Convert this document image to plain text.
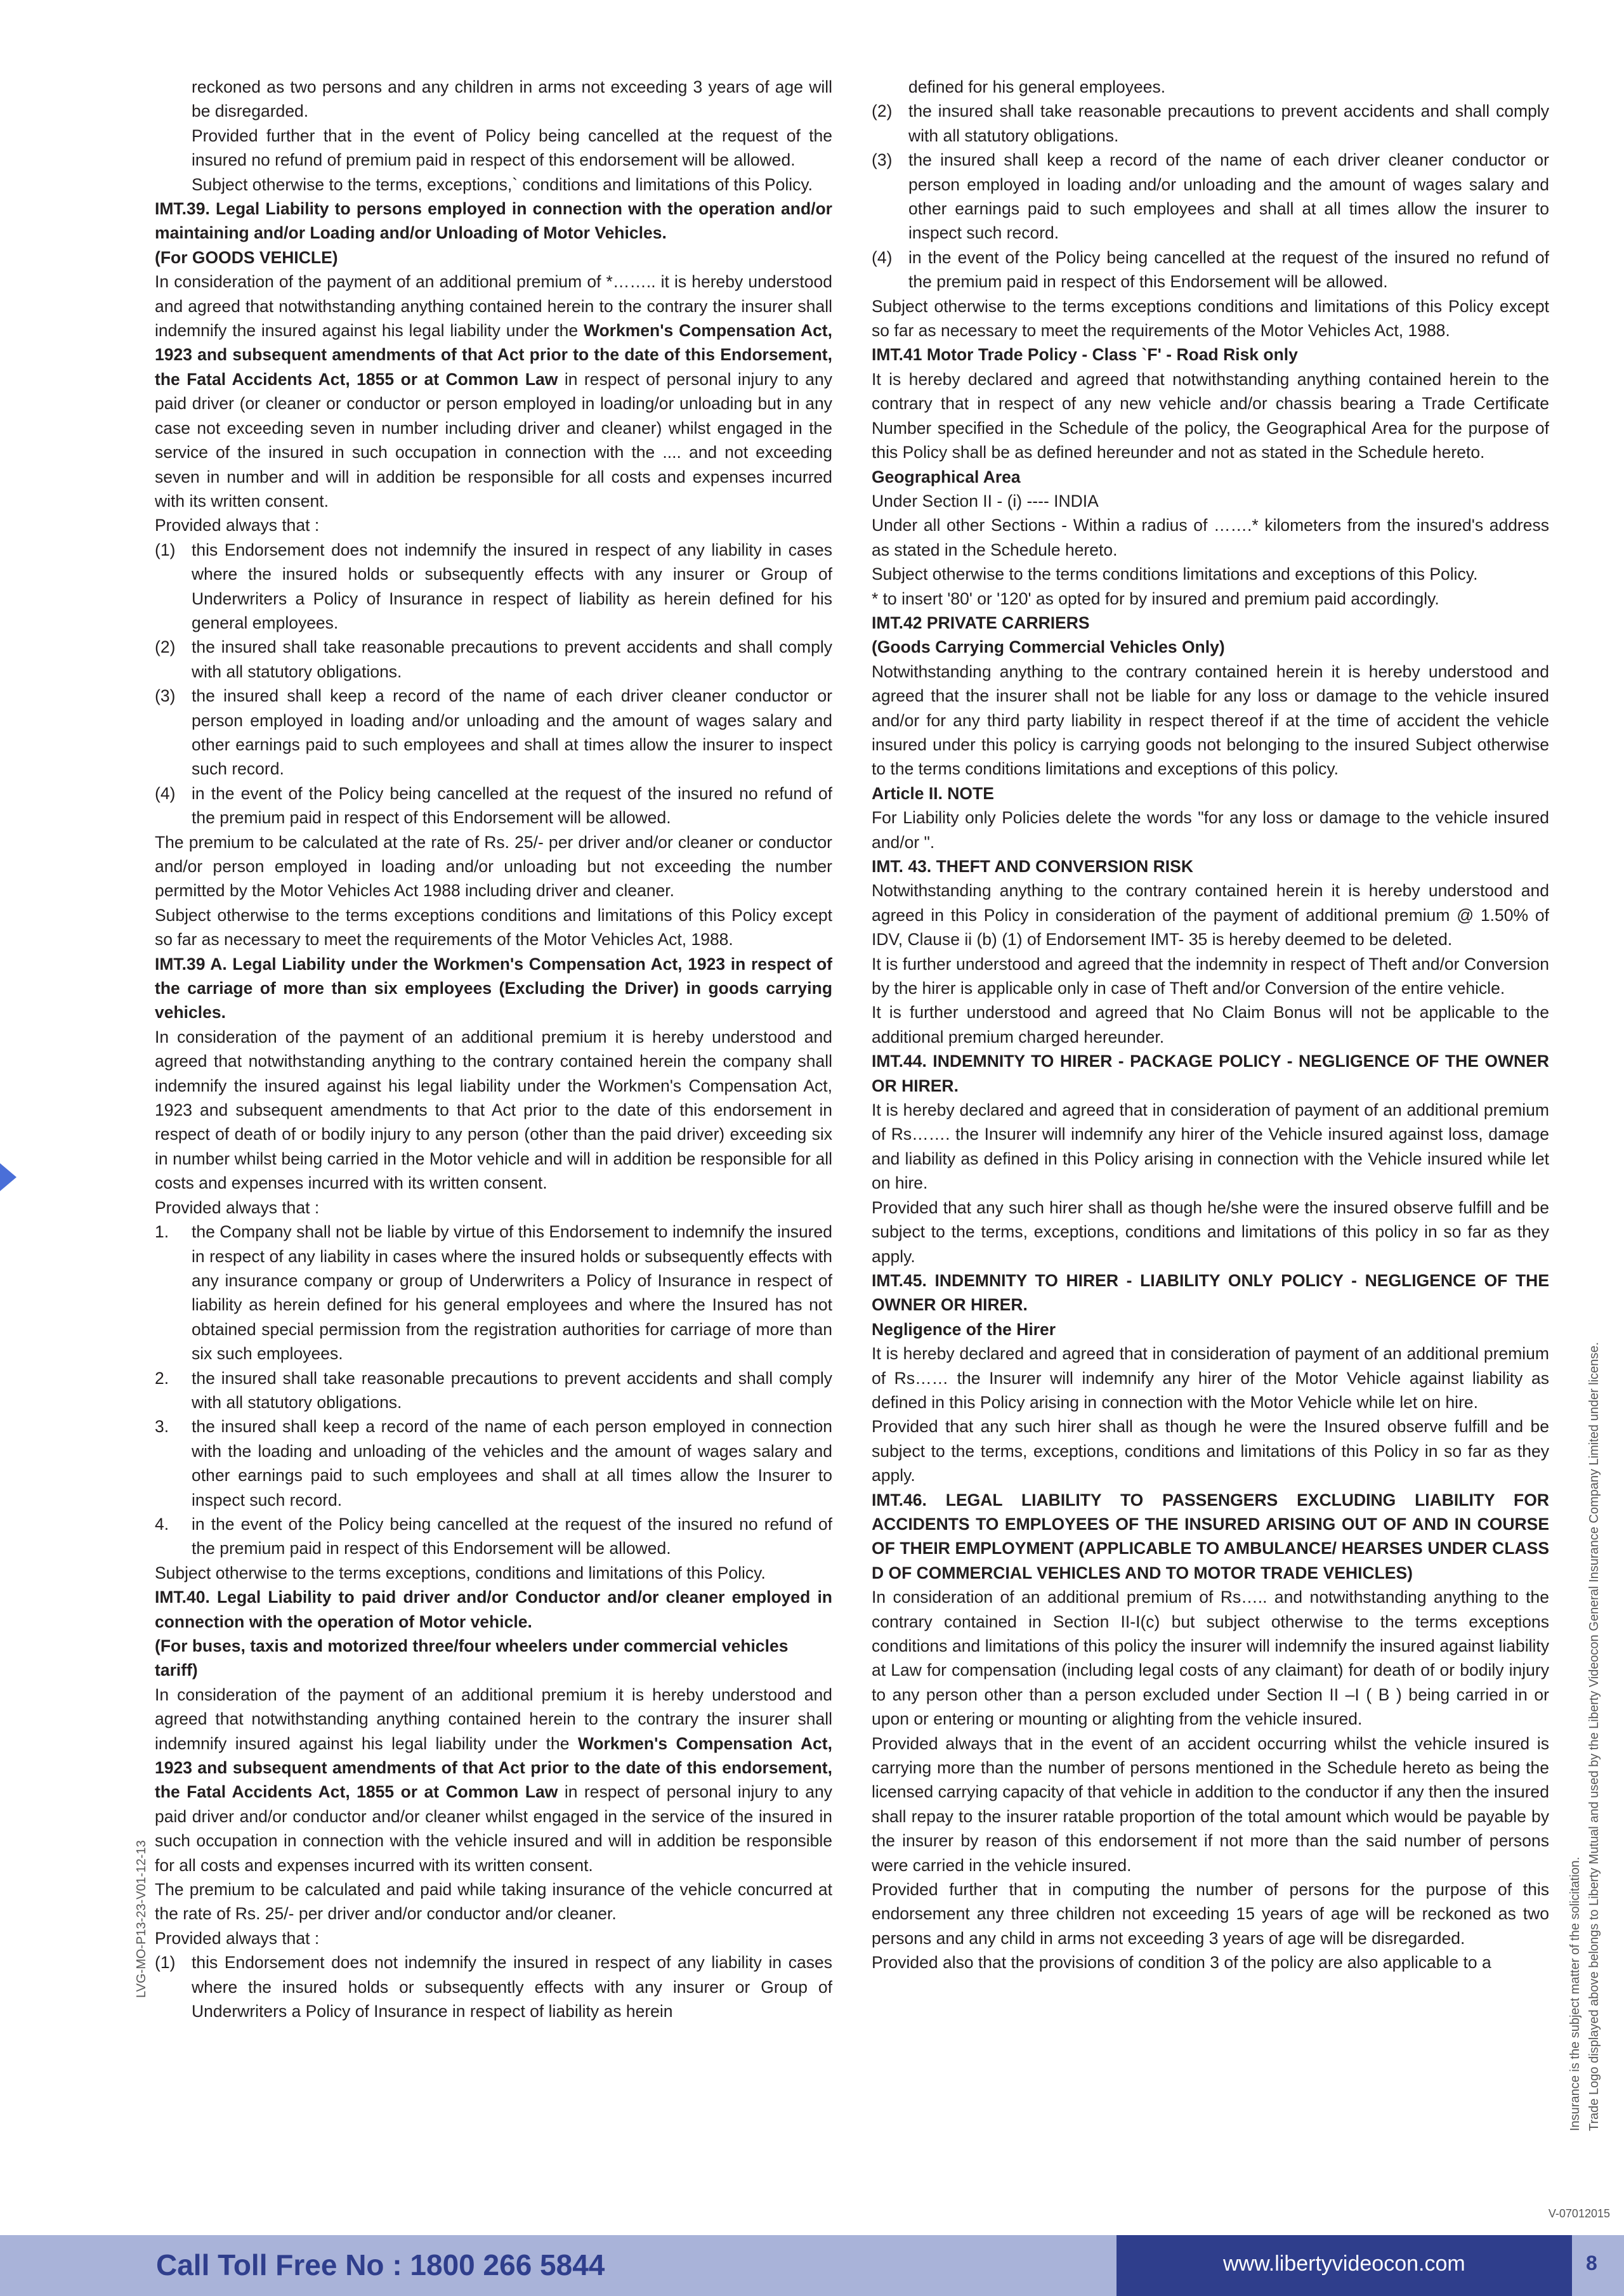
reckoned as two persons and any children in arms not exceeding 3 years of age will be disregarded.

Provided further that in the event of Policy being cancelled at the request of the insured no refund of premium paid in respect of this endorsement will be allowed.

Subject otherwise to the terms, exceptions,` conditions and limitations of this Policy.

IMT.39. Legal Liability to persons employed in connection with the operation and/or maintaining and/or Loading and/or Unloading of Motor Vehicles.
(For GOODS VEHICLE)

In consideration of the payment of an additional premium of *…….. it is hereby understood and agreed that notwithstanding anything contained herein to the contrary the insurer shall indemnify the insured against his legal liability under the Workmen's Compensation Act, 1923 and subsequent amendments of that Act prior to the date of this Endorsement, the Fatal Accidents Act, 1855 or at Common Law in respect of personal injury to any paid driver (or cleaner or conductor or person employed in loading/or unloading but in any case not exceeding seven in number including driver and cleaner) whilst engaged in the service of the insured in such occupation in connection with the .... and not exceeding seven in number and will in addition be responsible for all costs and expenses incurred with its written consent.

Provided always that :

(1) this Endorsement does not indemnify the insured in respect of any liability in cases where the insured holds or subsequently effects with any insurer or Group of Underwriters a Policy of Insurance in respect of liability as herein defined for his general employees.
(2) the insured shall take reasonable precautions to prevent accidents and shall comply with all statutory obligations.
(3) the insured shall keep a record of the name of each driver cleaner conductor or person employed in loading and/or unloading and the amount of wages salary and other earnings paid to such employees and shall at times allow the insurer to inspect such record.
(4) in the event of the Policy being cancelled at the request of the insured no refund of the premium paid in respect of this Endorsement will be allowed.

The premium to be calculated at the rate of Rs. 25/- per driver and/or cleaner or conductor and/or person employed in loading and/or unloading but not exceeding the number permitted by the Motor Vehicles Act 1988 including driver and cleaner.

Subject otherwise to the terms exceptions conditions and limitations of this Policy except so far as necessary to meet the requirements of the Motor Vehicles Act, 1988.

IMT.39 A. Legal Liability under the Workmen's Compensation Act, 1923 in respect of the carriage of more than six employees (Excluding the Driver) in goods carrying vehicles.

In consideration of the payment of an additional premium it is hereby understood and agreed that notwithstanding anything to the contrary contained herein the company shall indemnify the insured against his legal liability under the Workmen's Compensation Act, 1923 and subsequent amendments to that Act prior to the date of this endorsement in respect of death of or bodily injury to any person (other than the paid driver) exceeding six in number whilst being carried in the Motor vehicle and will in addition be responsible for all costs and expenses incurred with its written consent.

Provided always that :

1.	the Company shall not be liable by virtue of this Endorsement to indemnify the insured in respect of any liability in cases where the insured holds or subsequently effects with any insurance company or group of Underwriters a Policy of Insurance in respect of liability as herein defined for his general employees and where the Insured has not obtained special permission from the registration authorities for carriage of more than six such employees.
2.	the insured shall take reasonable precautions to prevent accidents and shall comply with all statutory obligations.
3.	the insured shall keep a record of the name of each person employed in connection with the loading and unloading of the vehicles and the amount of wages salary and other earnings paid to such employees and shall at all times allow the Insurer to inspect such record.
4.	in the event of the Policy being cancelled at the request of the insured no refund of the premium paid in respect of this Endorsement will be allowed.

Subject otherwise to the terms exceptions, conditions and limitations of this Policy.

IMT.40. Legal Liability to paid driver and/or Conductor and/or cleaner employed in connection with the operation of Motor vehicle.
(For buses, taxis and motorized three/four wheelers under commercial vehicles tariff)

In consideration of the payment of an additional premium it is hereby understood and agreed that notwithstanding anything contained herein to the contrary the insurer shall indemnify insured against his legal liability under the Workmen's Compensation Act, 1923 and subsequent amendments of that Act prior to the date of this endorsement, the Fatal Accidents Act, 1855 or at Common Law in respect of personal injury to any paid driver and/or conductor and/or cleaner whilst engaged in the service of the insured in such occupation in connection with the vehicle insured and will in addition be responsible for all costs and expenses incurred with its written consent.

The premium to be calculated and paid while taking insurance of the vehicle concurred at the rate of Rs. 25/- per driver and/or conductor and/or cleaner.

Provided always that :

(1) this Endorsement does not indemnify the insured in respect of any liability in cases where the insured holds or subsequently effects with any insurer or Group of Underwriters a Policy of Insurance in respect of liability as herein

defined for his general employees.

(2) the insured shall take reasonable precautions to prevent accidents and shall comply with all statutory obligations.
(3) the insured shall keep a record of the name of each driver cleaner conductor or person employed in loading and/or unloading and the amount of wages salary and other earnings paid to such employees and shall at all times allow the insurer to inspect such record.
(4) in the event of the Policy being cancelled at the request of the insured no refund of the premium paid in respect of this Endorsement will be allowed.

Subject otherwise to the terms exceptions conditions and limitations of this Policy except so far as necessary to meet the requirements of the Motor Vehicles Act, 1988.

IMT.41 Motor Trade Policy - Class `F' - Road Risk only

It is hereby declared and agreed that notwithstanding anything contained herein to the contrary that in respect of any new vehicle and/or chassis bearing a Trade Certificate Number specified in the Schedule of the policy, the Geographical Area for the purpose of this Policy shall be as defined hereunder and not as stated in the Schedule hereto.

Geographical Area

Under Section II - (i) ---- INDIA

Under all other Sections - Within a radius of …….* kilometers from the insured's address as stated in the Schedule hereto.

Subject otherwise to the terms conditions limitations and exceptions of this Policy.

* to insert '80' or '120' as opted for by insured and premium paid accordingly.

IMT.42 PRIVATE CARRIERS
(Goods Carrying Commercial Vehicles Only)

Notwithstanding anything to the contrary contained herein it is hereby understood and agreed that the insurer shall not be liable for any loss or damage to the vehicle insured and/or for any third party liability in respect thereof if at the time of accident the vehicle insured under this policy is carrying goods not belonging to the insured Subject otherwise to the terms conditions limitations and exceptions of this policy.

Article II. NOTE

For Liability only Policies delete the words "for any loss or damage to the vehicle insured and/or ".

IMT. 43. THEFT AND CONVERSION RISK

Notwithstanding anything to the contrary contained herein it is hereby understood and agreed in this Policy in consideration of the payment of additional premium @ 1.50% of IDV, Clause ii (b) (1) of Endorsement IMT- 35 is hereby deemed to be deleted.

It is further understood and agreed that the indemnity in respect of Theft and/or Conversion by the hirer is applicable only in case of Theft and/or Conversion of the entire vehicle.

It is further understood and agreed that No Claim Bonus will not be applicable to the additional premium charged hereunder.

IMT.44. INDEMNITY TO HIRER - PACKAGE POLICY - NEGLIGENCE OF THE OWNER OR HIRER.

It is hereby declared and agreed that in consideration of payment of an additional premium of Rs……. the Insurer will indemnify any hirer of the Vehicle insured against loss, damage and liability as defined in this Policy arising in connection with the Vehicle insured while let on hire.

Provided that any such hirer shall as though he/she were the insured observe fulfill and be subject to the terms, exceptions, conditions and limitations of this policy in so far as they apply.

IMT.45. INDEMNITY TO HIRER - LIABILITY ONLY POLICY - NEGLIGENCE OF THE OWNER OR HIRER.
Negligence of the Hirer

It is hereby declared and agreed that in consideration of payment of an additional premium of Rs…… the Insurer will indemnify any hirer of the Motor Vehicle against liability as defined in this Policy arising in connection with the Motor Vehicle while let on hire.

Provided that any such hirer shall as though he were the Insured observe fulfill and be subject to the terms, exceptions, conditions and limitations of this Policy in so far as they apply.

IMT.46. LEGAL LIABILITY TO PASSENGERS EXCLUDING LIABILITY FOR ACCIDENTS TO EMPLOYEES OF THE INSURED ARISING OUT OF AND IN COURSE OF THEIR EMPLOYMENT (APPLICABLE TO AMBULANCE/ HEARSES UNDER CLASS D OF COMMERCIAL VEHICLES AND TO MOTOR TRADE VEHICLES)

In consideration of an additional premium of Rs….. and notwithstanding anything to the contrary contained in Section II-I(c) but subject otherwise to the terms exceptions conditions and limitations of this policy the insurer will indemnify the insured against liability at Law for compensation (including legal costs of any claimant) for death of or bodily injury to any person other than a person excluded under Section II –I ( B ) being carried in or upon or entering or mounting or alighting from the vehicle insured.

Provided always that in the event of an accident occurring whilst the vehicle insured is carrying more than the number of persons mentioned in the Schedule hereto as being the licensed carrying capacity of that vehicle in addition to the conductor if any then the insured shall repay to the insurer ratable proportion of the total amount which would be payable by the insurer by reason of this endorsement if not more than the said number of persons were carried in the vehicle insured.

Provided further that in computing the number of persons for the purpose of this endorsement any three children not exceeding 15 years of age will be reckoned as two persons and any child in arms not exceeding 3 years of age will be disregarded.

Provided also that the provisions of condition 3 of the policy are also applicable to a

LVG-MO-P13-23-V01-12-13	Insurance is the subject matter of the solicitation. Trade Logo displayed above belongs to Liberty Mutual and used by the Liberty Videocon General Insurance Company Limited under license.
V-07012015
Call Toll Free No : 1800 266 5844	www.libertyvideocon.com	8
